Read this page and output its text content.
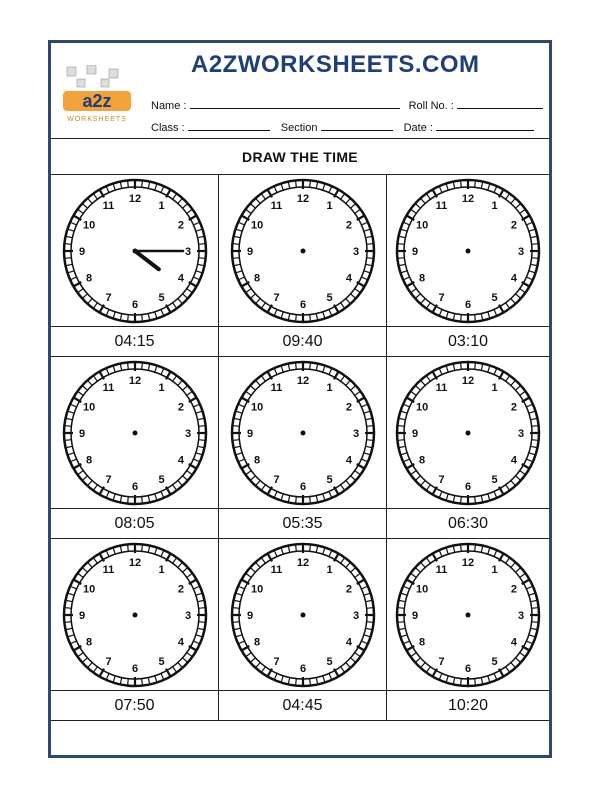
a2z
WORKSHEETS
A2ZWORKSHEETS.COM
Name :	Roll No. :
Class :	Section	Date :
DRAW THE TIME
12
1
2
3
4
5
6
7
8
9
10
11
04:15
12
1
2
3
4
5
6
7
8
9
10
11
09:40
12
1
2
3
4
5
6
7
8
9
10
11
03:10
12
1
2
3
4
5
6
7
8
9
10
11
08:05
12
1
2
3
4
5
6
7
8
9
10
11
05:35
12
1
2
3
4
5
6
7
8
9
10
11
06:30
12
1
2
3
4
5
6
7
8
9
10
11
07:50
12
1
2
3
4
5
6
7
8
9
10
11
04:45
12
1
2
3
4
5
6
7
8
9
10
11
10:20
